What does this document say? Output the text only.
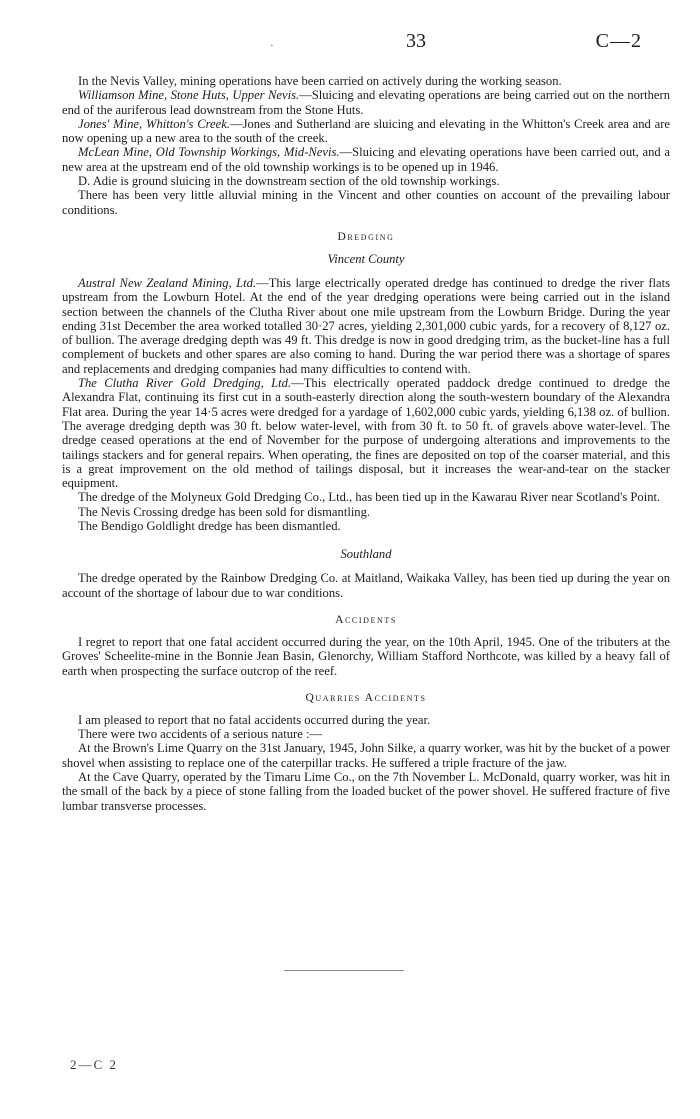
·	33	C—2

In the Nevis Valley, mining operations have been carried on actively during the working season.

Williamson Mine, Stone Huts, Upper Nevis.—Sluicing and elevating operations are being carried out on the northern end of the auriferous lead downstream from the Stone Huts.

Jones' Mine, Whitton's Creek.—Jones and Sutherland are sluicing and elevating in the Whitton's Creek area and are now opening up a new area to the south of the creek.

McLean Mine, Old Township Workings, Mid-Nevis.—Sluicing and elevating operations have been carried out, and a new area at the upstream end of the old township workings is to be opened up in 1946.

D. Adie is ground sluicing in the downstream section of the old township workings.

There has been very little alluvial mining in the Vincent and other counties on account of the prevailing labour conditions.

Dredging
Vincent County

Austral New Zealand Mining, Ltd.—This large electrically operated dredge has continued to dredge the river flats upstream from the Lowburn Hotel. At the end of the year dredging operations were being carried out in the island section between the channels of the Clutha River about one mile upstream from the Lowburn Bridge. During the year ending 31st December the area worked totalled 30·27 acres, yielding 2,301,000 cubic yards, for a recovery of 8,127 oz. of bullion. The average dredging depth was 49 ft. This dredge is now in good dredging trim, as the bucket-line has a full complement of buckets and other spares are also coming to hand. During the war period there was a shortage of spares and replacements and dredging companies had many difficulties to contend with.

The Clutha River Gold Dredging, Ltd.—This electrically operated paddock dredge continued to dredge the Alexandra Flat, continuing its first cut in a south-easterly direction along the south-western boundary of the Alexandra Flat area. During the year 14·5 acres were dredged for a yardage of 1,602,000 cubic yards, yielding 6,138 oz. of bullion. The average dredging depth was 30 ft. below water-level, with from 30 ft. to 50 ft. of gravels above water-level. The dredge ceased operations at the end of November for the purpose of undergoing alterations and improvements to the tailings stackers and for general repairs. When operating, the fines are deposited on top of the coarser material, and this is a great improvement on the old method of tailings disposal, but it increases the wear-and-tear on the stacker equipment.

The dredge of the Molyneux Gold Dredging Co., Ltd., has been tied up in the Kawarau River near Scotland's Point.

The Nevis Crossing dredge has been sold for dismantling.

The Bendigo Goldlight dredge has been dismantled.

Southland

The dredge operated by the Rainbow Dredging Co. at Maitland, Waikaka Valley, has been tied up during the year on account of the shortage of labour due to war conditions.

Accidents

I regret to report that one fatal accident occurred during the year, on the 10th April, 1945. One of the tributers at the Groves' Scheelite-mine in the Bonnie Jean Basin, Glenorchy, William Stafford Northcote, was killed by a heavy fall of earth when prospecting the surface outcrop of the reef.

Quarries Accidents

I am pleased to report that no fatal accidents occurred during the year.

There were two accidents of a serious nature :—

At the Brown's Lime Quarry on the 31st January, 1945, John Silke, a quarry worker, was hit by the bucket of a power shovel when assisting to replace one of the caterpillar tracks. He suffered a triple fracture of the jaw.

At the Cave Quarry, operated by the Timaru Lime Co., on the 7th November L. McDonald, quarry worker, was hit in the small of the back by a piece of stone falling from the loaded bucket of the power shovel. He suffered fracture of five lumbar transverse processes.

2—C 2
